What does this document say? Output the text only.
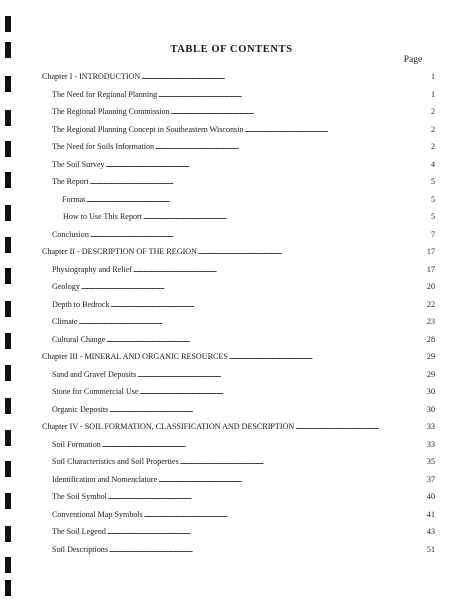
TABLE OF CONTENTS
Page
Chapter I - INTRODUCTION . . .	1
The Need for Regional Planning . . .	1
The Regional Planning Commission . . .	2
The Regional Planning Concept in Southeastern Wisconsin . . .	2
The Need for Soils Information . . .	2
The Soil Survey . . .	4
The Report . . .	5
Format . . .	5
How to Use This Report . . .	5
Conclusion . . .	7
Chapter II - DESCRIPTION OF THE REGION . . .	17
Physiography and Relief . . .	17
Geology . . .	20
Depth to Bedrock . . .	22
Climate . . .	23
Cultural Change . . .	28
Chapter III - MINERAL AND ORGANIC RESOURCES . . .	29
Sand and Gravel Deposits . . .	29
Stone for Commercial Use . . .	30
Organic Deposits . . .	30
Chapter IV - SOIL FORMATION, CLASSIFICATION AND DESCRIPTION . . .	33
Soil Formation . . .	33
Soil Characteristics and Soil Properties . . .	35
Identification and Nomenclature . . .	37
The Soil Symbol . . .	40
Conventional Map Symbols . . .	41
The Soil Legend . . .	43
Soil Descriptions . . .	51
